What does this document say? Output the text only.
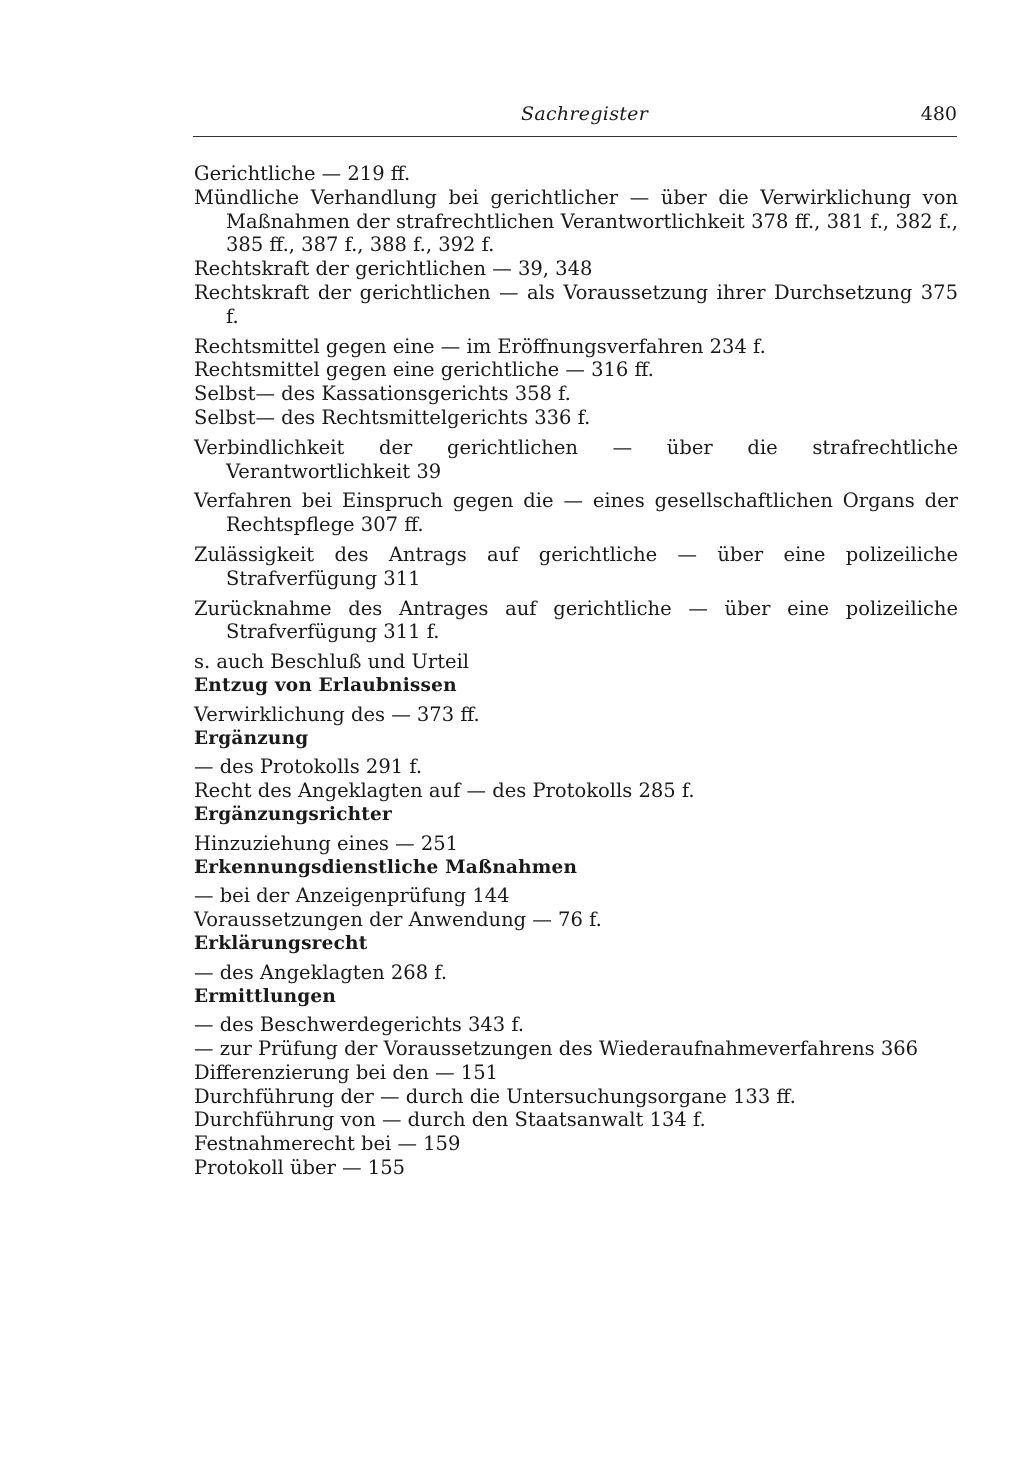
Sachregister	480

Gerichtliche — 219 ff.

Mündliche Verhandlung bei gerichtlicher — über die Verwirklichung von Maßnahmen der strafrechtlichen Verantwortlichkeit 378 ff., 381 f., 382 f., 385 ff., 387 f., 388 f., 392 f.

Rechtskraft der gerichtlichen — 39, 348

Rechtskraft der gerichtlichen — als Voraussetzung ihrer Durchsetzung 375 f.

Rechtsmittel gegen eine — im Eröffnungsverfahren 234 f.

Rechtsmittel gegen eine gerichtliche — 316 ff.

Selbst— des Kassationsgerichts 358 f.

Selbst— des Rechtsmittelgerichts 336 f.

Verbindlichkeit der gerichtlichen — über die strafrechtliche Verantwortlichkeit 39

Verfahren bei Einspruch gegen die — eines gesellschaftlichen Organs der Rechtspflege 307 ff.

Zulässigkeit des Antrags auf gerichtliche — über eine polizeiliche Strafverfügung 311

Zurücknahme des Antrages auf gerichtliche — über eine polizeiliche Strafverfügung 311 f.

s. auch Beschluß und Urteil

Entzug von Erlaubnissen

Verwirklichung des — 373 ff.

Ergänzung

— des Protokolls 291 f.

Recht des Angeklagten auf — des Protokolls 285 f.

Ergänzungsrichter

Hinzuziehung eines — 251

Erkennungsdienstliche Maßnahmen

— bei der Anzeigenprüfung 144

Voraussetzungen der Anwendung — 76 f.

Erklärungsrecht

— des Angeklagten 268 f.

Ermittlungen

— des Beschwerdegerichts 343 f.

— zur Prüfung der Voraussetzungen des Wiederaufnahmeverfahrens 366

Differenzierung bei den — 151

Durchführung der — durch die Untersuchungsorgane 133 ff.

Durchführung von — durch den Staatsanwalt 134 f.

Festnahmerecht bei — 159

Protokoll über — 155
